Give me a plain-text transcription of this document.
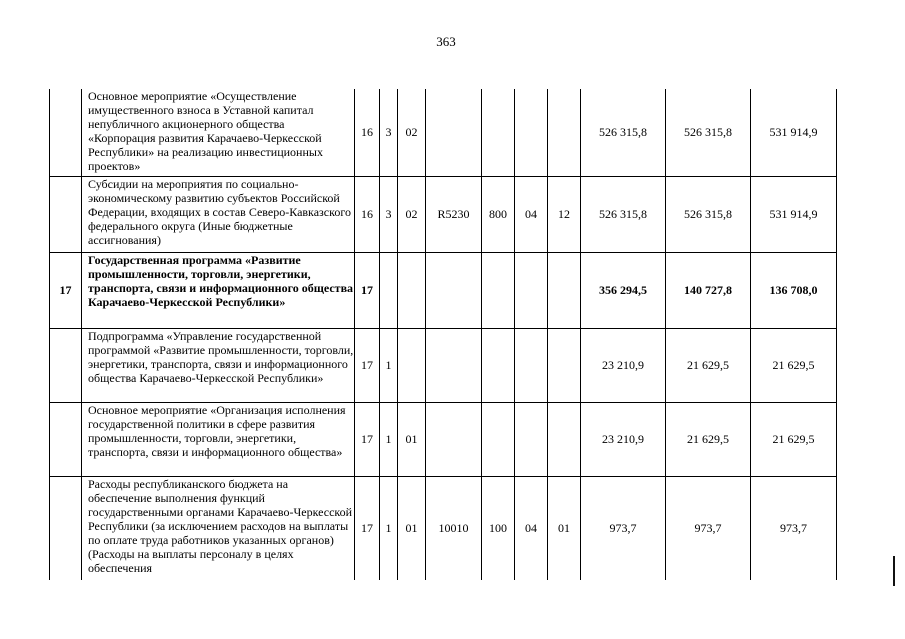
363
	Основное мероприятие «Осуществление имущественного взноса в Уставной капитал непубличного акционерного общества «Корпорация развития Карачаево-Черкесской Республики» на реализацию инвестиционных проектов»	16	3	02					526 315,8	526 315,8	531 914,9
	Субсидии на мероприятия по социально-экономическому развитию субъектов Российской Федерации, входящих в состав Северо-Кавказского федерального округа (Иные бюджетные ассигнования)	16	3	02	R5230	800	04	12	526 315,8	526 315,8	531 914,9
17	Государственная программа «Развитие промышленности, торговли, энергетики, транспорта, связи и информационного общества Карачаево-Черкесской Республики»	17							356 294,5	140 727,8	136 708,0
	Подпрограмма «Управление государственной программой «Развитие промышленности, торговли, энергетики, транспорта, связи и информационного общества Карачаево-Черкесской Республики»	17	1						23 210,9	21 629,5	21 629,5
	Основное мероприятие «Организация исполнения государственной политики в сфере развития промышленности, торговли, энергетики, транспорта, связи и информационного общества»	17	1	01					23 210,9	21 629,5	21 629,5
	Расходы республиканского бюджета на обеспечение выполнения функций государственными органами Карачаево-Черкесской Республики (за исключением расходов на выплаты по оплате труда работников указанных органов) (Расходы на выплаты персоналу в целях обеспечения	17	1	01	10010	100	04	01	973,7	973,7	973,7
